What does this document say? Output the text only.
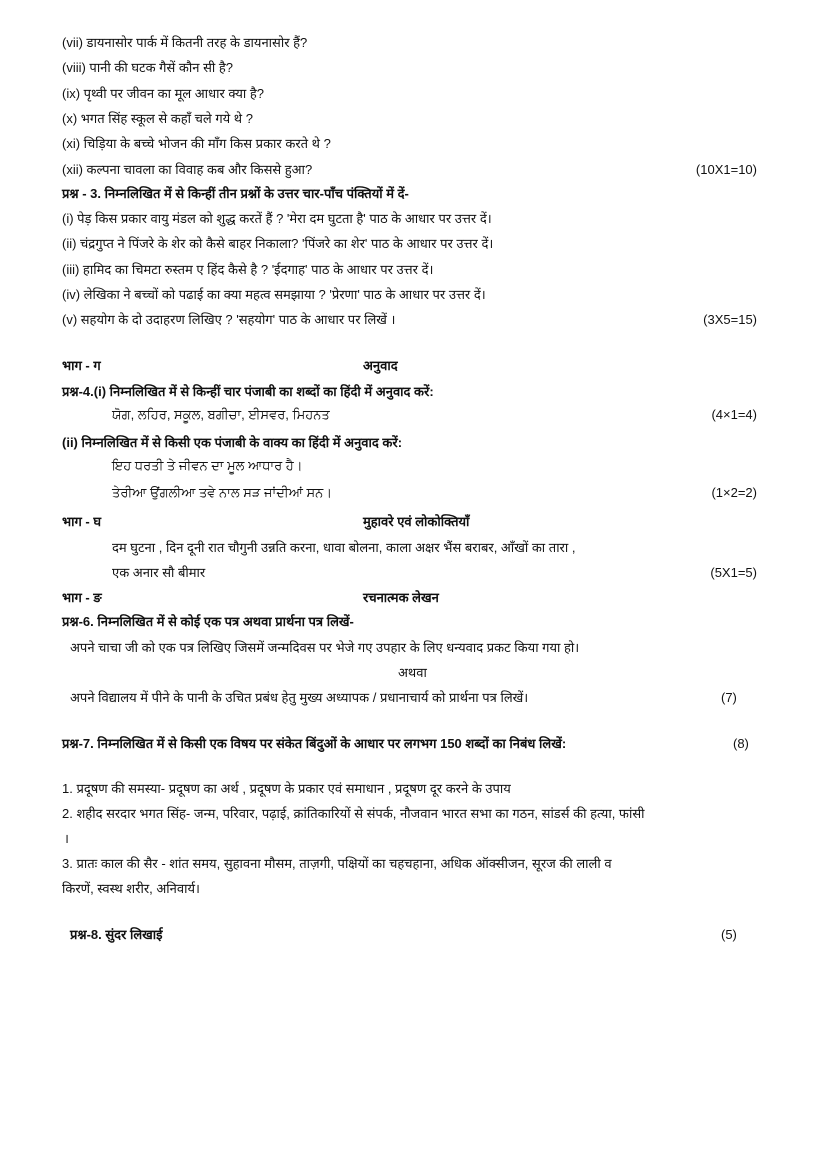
(vii) डायनासोर पार्क में कितनी तरह के डायनासोर हैं?
(viii) पानी की घटक गैसें कौन सी है?
(ix) पृथ्वी पर जीवन का मूल आधार क्या है?
(x) भगत सिंह स्कूल से कहाँ चले गये थे ?
(xi) चिड़िया के बच्चे भोजन की माँग किस प्रकार करते थे ?
(xii) कल्पना चावला का विवाह कब और किससे हुआ?	(10X1=10)
प्रश्न - 3. निम्नलिखित में से किन्हीं तीन प्रश्नों के उत्तर चार-पाँच पंक्तियों में दें-
(i) पेड़ किस प्रकार वायु मंडल को शुद्ध करतें हैं ? 'मेरा दम घुटता है' पाठ के आधार पर उत्तर दें।
(ii) चंद्रगुप्त ने पिंजरे के शेर को कैसे बाहर निकाला? 'पिंजरे का शेर' पाठ के आधार पर उत्तर दें।
(iii) हामिद का चिमटा रुस्तम ए हिंद कैसे है ? 'ईदगाह' पाठ के आधार पर उत्तर दें।
(iv) लेखिका ने बच्चों को पढाई का क्या महत्व समझाया ? 'प्रेरणा' पाठ के आधार पर उत्तर दें।
(v) सहयोग के दो उदाहरण लिखिए ? 'सहयोग' पाठ के आधार पर लिखें ।	(3X5=15)
भाग - ग	अनुवाद
प्रश्न-4.(i) निम्नलिखित में से किन्हीं चार पंजाबी का शब्दों का हिंदी में अनुवाद करें:
ਯੋਗ, ਲਹਿਰ, ਸਕੂਲ, ਬਗੀਚਾ, ਈਸਵਰ, ਮਿਹਨਤ	(4×1=4)
(ii) निम्नलिखित में से किसी एक पंजाबी के वाक्य का हिंदी में अनुवाद करें:
ਇਹ ਧਰਤੀ ਤੇ ਜੀਵਨ ਦਾ ਮੂਲ ਆਧਾਰ ਹੈ।
ਤੇਰੀਆ ਉਂਗਲੀਆ ਤਵੇ ਨਾਲ ਸੜ ਜਾਂਦੀਆਂ ਸਨ।	(1×2=2)
भाग - घ	मुहावरे एवं लोकोक्तियाँ
दम घुटना , दिन दूनी रात चौगुनी उन्नति करना, धावा बोलना, काला अक्षर भैंस बराबर, आँखों का तारा ,
एक अनार सौ बीमार	(5X1=5)
भाग - ङ	रचनात्मक लेखन
प्रश्न-6. निम्नलिखित में से कोई एक पत्र अथवा प्रार्थना पत्र लिखें-
अपने चाचा जी को एक पत्र लिखिए जिसमें जन्मदिवस पर भेजे गए उपहार के लिए धन्यवाद प्रकट किया गया हो।
अथवा
अपने विद्यालय में पीने के पानी के उचित प्रबंध हेतु मुख्य अध्यापक / प्रधानाचार्य को प्रार्थना पत्र लिखें।	(7)
प्रश्न-7. निम्नलिखित में से किसी एक विषय पर संकेत बिंदुओं के आधार पर लगभग 150 शब्दों का निबंध लिखें:	(8)
1. प्रदूषण की समस्या- प्रदूषण का अर्थ , प्रदूषण के प्रकार एवं समाधान , प्रदूषण दूर करने के उपाय
2. शहीद सरदार भगत सिंह- जन्म, परिवार, पढ़ाई, क्रांतिकारियों से संपर्क, नौजवान भारत सभा का गठन, सांडर्स की हत्या, फांसी
।
3. प्रातः काल की सैर - शांत समय, सुहावना मौसम, ताज़गी, पक्षियों का चहचहाना, अधिक ऑक्सीजन, सूरज की लाली व
किरणें, स्वस्थ शरीर, अनिवार्य।
प्रश्न-8. सुंदर लिखाई	(5)
